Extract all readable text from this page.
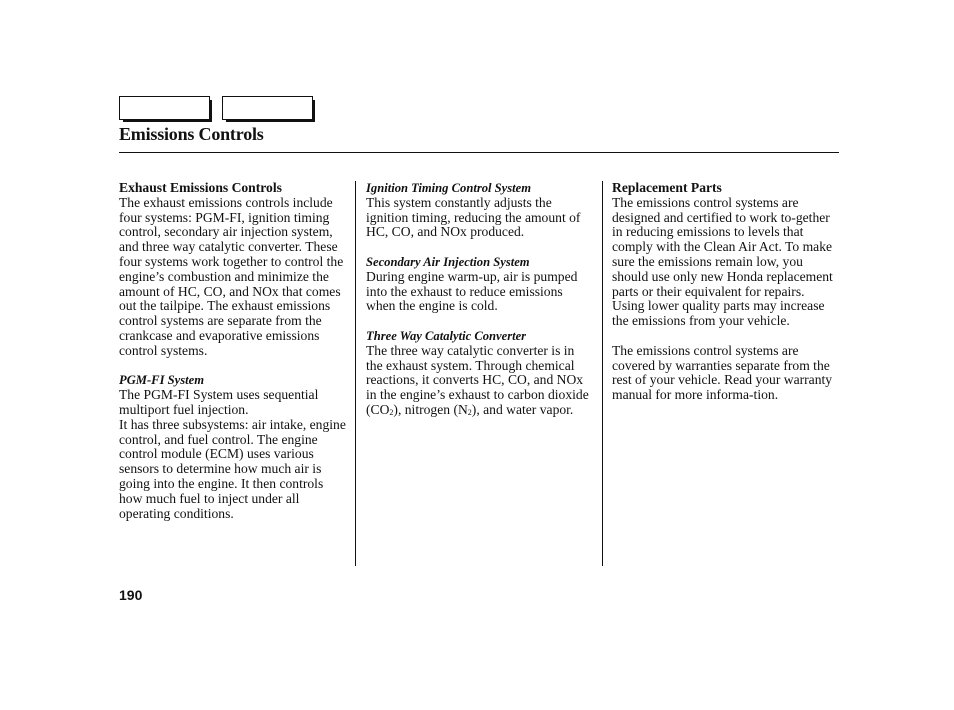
Emissions Controls

Exhaust Emissions Controls

The exhaust emissions controls include four systems: PGM-FI, ignition timing control, secondary air injection system, and three way catalytic converter. These four systems work together to control the engine’s combustion and minimize the amount of HC, CO, and NOx that comes out the tailpipe. The exhaust emissions control systems are separate from the crankcase and evaporative emissions control systems.

PGM-FI System

The PGM-FI System uses sequential multiport fuel injection.

It has three subsystems: air intake, engine control, and fuel control. The engine control module (ECM) uses various sensors to determine how much air is going into the engine. It then controls how much fuel to inject under all operating conditions.

Ignition Timing Control System

This system constantly adjusts the ignition timing, reducing the amount of HC, CO, and NOx produced.

Secondary Air Injection System

During engine warm-up, air is pumped into the exhaust to reduce emissions when the engine is cold.

Three Way Catalytic Converter

The three way catalytic converter is in the exhaust system. Through chemical reactions, it converts HC, CO, and NOx in the engine’s exhaust to carbon dioxide $(CO_2)$, nitrogen $(N_2)$, and water vapor.

Replacement Parts

The emissions control systems are designed and certified to work to-gether in reducing emissions to levels that comply with the Clean Air Act. To make sure the emissions remain low, you should use only new Honda replacement parts or their equivalent for repairs. Using lower quality parts may increase the emissions from your vehicle.

The emissions control systems are covered by warranties separate from the rest of your vehicle. Read your warranty manual for more informa-tion.

190
